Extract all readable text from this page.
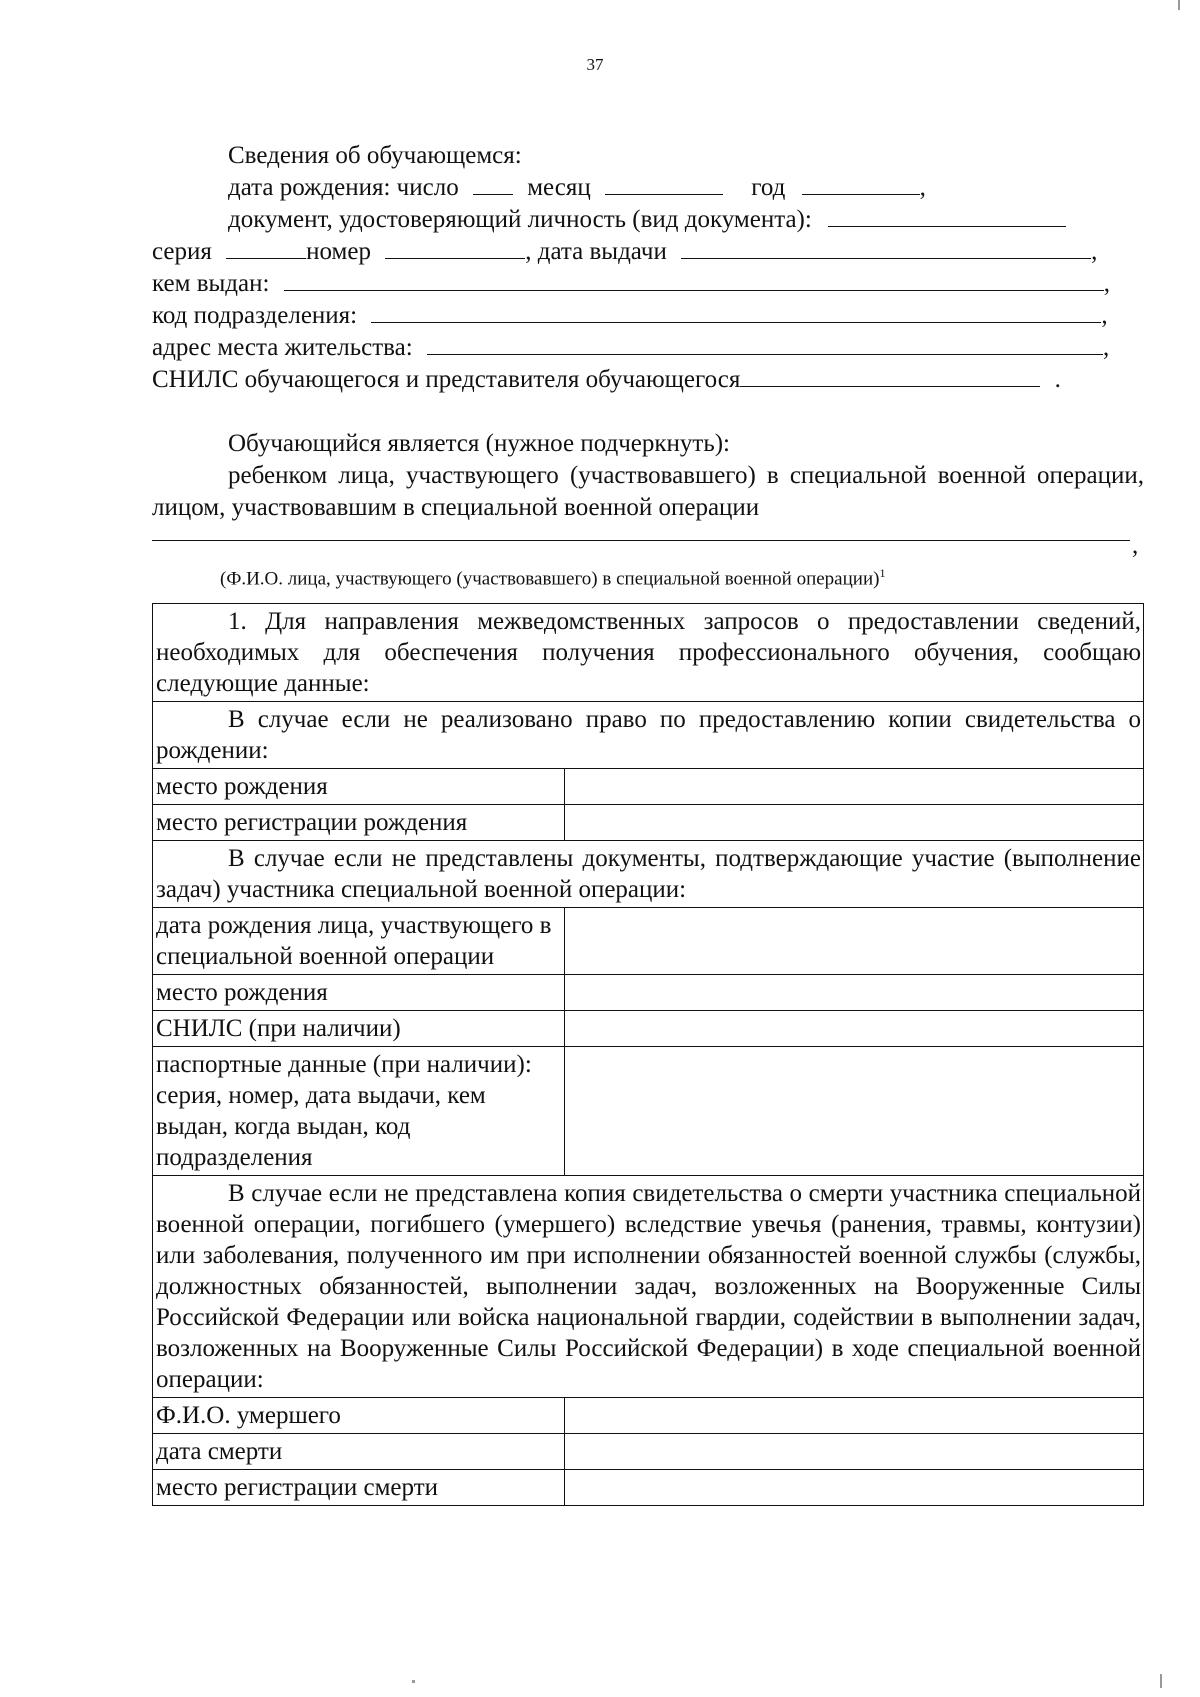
37
Сведения об обучающемся:
дата рождения: число	месяц	год	,
документ, удостоверяющий личность (вид документа):
серия	номер	, дата выдачи	,
кем выдан:	,
код подразделения:	,
адрес места жительства:	,
СНИЛС обучающегося и представителя обучающегося	.
Обучающийся является (нужное подчеркнуть):
ребенком лица, участвующего (участвовавшего) в специальной военной операции, лицом, участвовавшим в специальной военной операции
,
(Ф.И.О. лица, участвующего (участвовавшего) в специальной военной операции)$^1$
1. Для направления межведомственных запросов о предоставлении сведений, необходимых для обеспечения получения профессионального обучения, сообщаю следующие данные:	
В случае если не реализовано право по предоставлению копии свидетельства о рождении:	
место рождения	
место регистрации рождения	
В случае если не представлены документы, подтверждающие участие (выполнение задач) участника специальной военной операции:	
дата рождения лица, участвующего в специальной военной операции	
место рождения	
СНИЛС (при наличии)	
паспортные данные (при наличии): серия, номер, дата выдачи, кем выдан, когда выдан, код подразделения	
В случае если не представлена копия свидетельства о смерти участника специальной военной операции, погибшего (умершего) вследствие увечья (ранения, травмы, контузии) или заболевания, полученного им при исполнении обязанностей военной службы (службы, должностных обязанностей, выполнении задач, возложенных на Вооруженные Силы Российской Федерации или войска национальной гвардии, содействии в выполнении задач, возложенных на Вооруженные Силы Российской Федерации) в ходе специальной военной операции:	
Ф.И.О. умершего	
дата смерти	
место регистрации смерти	
